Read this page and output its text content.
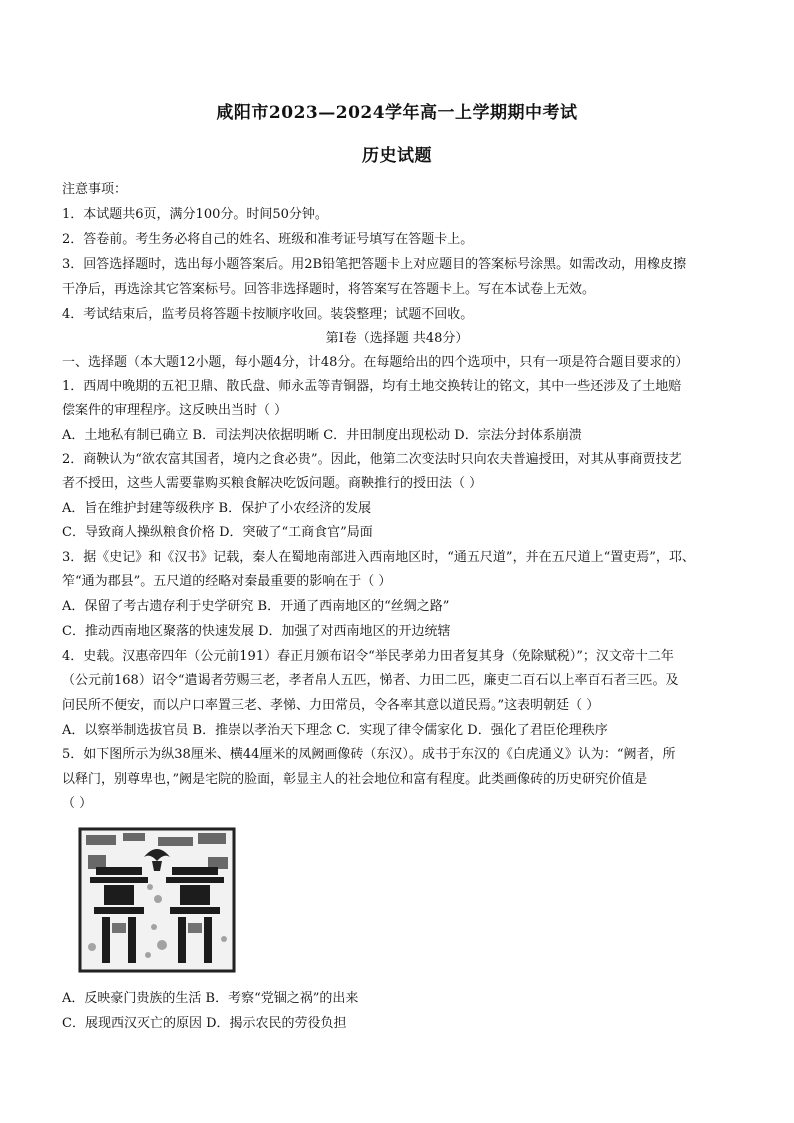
咸阳市2023—2024学年高一上学期期中考试
历史试题
注意事项：
1．本试题共6页，满分100分。时间50分钟。
2．答卷前。考生务必将自己的姓名、班级和准考证号填写在答题卡上。
3．回答选择题时，选出每小题答案后。用2B铅笔把答题卡上对应题目的答案标号涂黑。如需改动，用橡皮擦
干净后，再选涂其它答案标号。回答非选择题时，将答案写在答题卡上。写在本试卷上无效。
4．考试结束后，监考员将答题卡按顺序收回。装袋整理；试题不回收。
第Ⅰ卷（选择题 共48分）
一、选择题（本大题12小题，每小题4分，计48分。在每题给出的四个选项中，只有一项是符合题目要求的）
1．西周中晚期的五祀卫鼎、散氏盘、师永盂等青铜器，均有土地交换转让的铭文，其中一些还涉及了土地赔
偿案件的审理程序。这反映出当时（ ）
A．土地私有制已确立 B．司法判决依据明晰 C．井田制度出现松动 D．宗法分封体系崩溃
2．商鞅认为“欲农富其国者，境内之食必贵”。因此，他第二次变法时只向农夫普遍授田，对其从事商贾技艺
者不授田，这些人需要靠购买粮食解决吃饭问题。商鞅推行的授田法（ ）
A．旨在维护封建等级秩序 B．保护了小农经济的发展
C．导致商人操纵粮食价格 D．突破了“工商食官”局面
3．据《史记》和《汉书》记载，秦人在蜀地南部进入西南地区时，“通五尺道”，并在五尺道上“置吏焉”，邛、
笮“通为郡县”。五尺道的经略对秦最重要的影响在于（ ）
A．保留了考古遗存利于史学研究 B．开通了西南地区的“丝绸之路”
C．推动西南地区聚落的快速发展 D．加强了对西南地区的开边统辖
4．史载。汉惠帝四年（公元前191）春正月颁布诏令“举民孝弟力田者复其身（免除赋税）”；汉文帝十二年
（公元前168）诏令“遣谒者劳赐三老，孝者帛人五匹，悌者、力田二匹，廉吏二百石以上率百石者三匹。及
问民所不便安，而以户口率置三老、孝悌、力田常员，令各率其意以道民焉。”这表明朝廷（ ）
A．以察举制选拔官员 B．推崇以孝治天下理念 C．实现了律令儒家化 D．强化了君臣伦理秩序
5．如下图所示为纵38厘米、横44厘米的凤阙画像砖（东汉）。成书于东汉的《白虎通义》认为：“阙者，所
以释门，别尊卑也，”阙是宅院的脸面，彰显主人的社会地位和富有程度。此类画像砖的历史研究价值是
（ ）
A．反映豪门贵族的生活 B．考察“党锢之祸”的出来
C．展现西汉灭亡的原因 D．揭示农民的劳役负担
